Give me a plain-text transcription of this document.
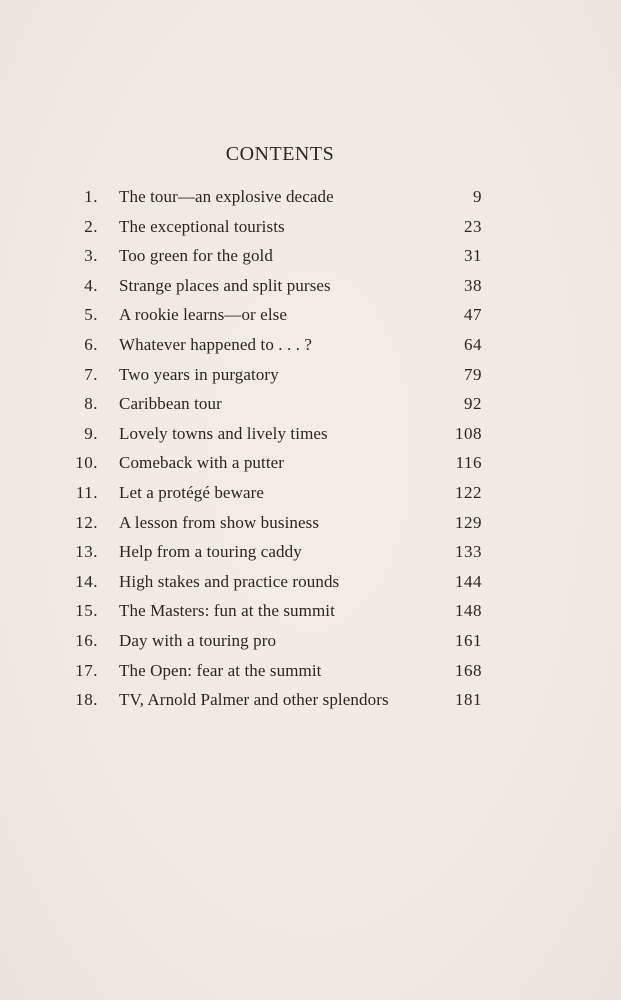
CONTENTS
1. The tour—an explosive decade	9
2. The exceptional tourists	23
3. Too green for the gold	31
4. Strange places and split purses	38
5. A rookie learns—or else	47
6. Whatever happened to . . . ?	64
7. Two years in purgatory	79
8. Caribbean tour	92
9. Lovely towns and lively times	108
10. Comeback with a putter	116
11. Let a protégé beware	122
12. A lesson from show business	129
13. Help from a touring caddy	133
14. High stakes and practice rounds	144
15. The Masters: fun at the summit	148
16. Day with a touring pro	161
17. The Open: fear at the summit	168
18. TV, Arnold Palmer and other splendors	181
